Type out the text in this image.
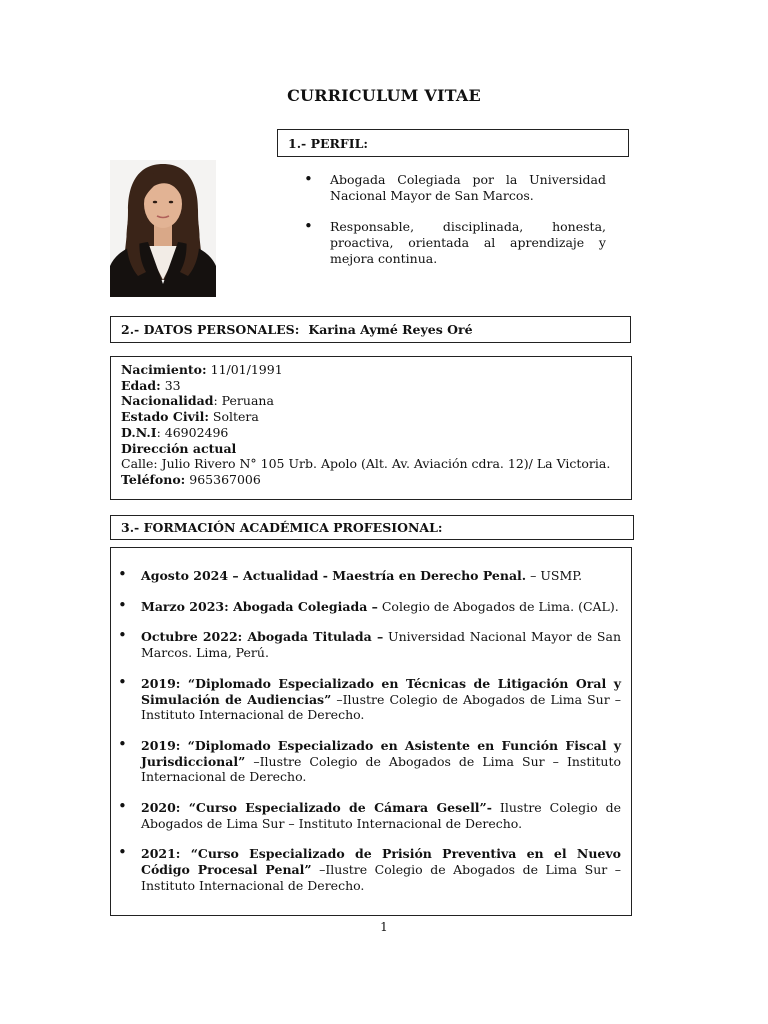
CURRICULUM VITAE
1.- PERFIL:
• Abogada Colegiada por la Universidad Nacional Mayor de San Marcos.
• Responsable, disciplinada, honesta, proactiva, orientada al aprendizaje y mejora continua.
2.- DATOS PERSONALES: Karina Aymé Reyes Oré
Nacimiento: 11/01/1991
Edad: 33
Nacionalidad: Peruana
Estado Civil: Soltera
D.N.I: 46902496
Dirección actual
Calle: Julio Rivero N° 105 Urb. Apolo (Alt. Av. Aviación cdra. 12)/ La Victoria.
Teléfono: 965367006
3.- FORMACIÓN ACADÉMICA PROFESIONAL:
• Agosto 2024 – Actualidad - Maestría en Derecho Penal. – USMP.
• Marzo 2023: Abogada Colegiada – Colegio de Abogados de Lima. (CAL).
• Octubre 2022: Abogada Titulada – Universidad Nacional Mayor de San Marcos. Lima, Perú.
• 2019: “Diplomado Especializado en Técnicas de Litigación Oral y Simulación de Audiencias” –Ilustre Colegio de Abogados de Lima Sur – Instituto Internacional de Derecho.
• 2019: “Diplomado Especializado en Asistente en Función Fiscal y Jurisdiccional” –Ilustre Colegio de Abogados de Lima Sur – Instituto Internacional de Derecho.
• 2020: “Curso Especializado de Cámara Gesell”- Ilustre Colegio de Abogados de Lima Sur – Instituto Internacional de Derecho.
• 2021: “Curso Especializado de Prisión Preventiva en el Nuevo Código Procesal Penal” –Ilustre Colegio de Abogados de Lima Sur – Instituto Internacional de Derecho.
1
